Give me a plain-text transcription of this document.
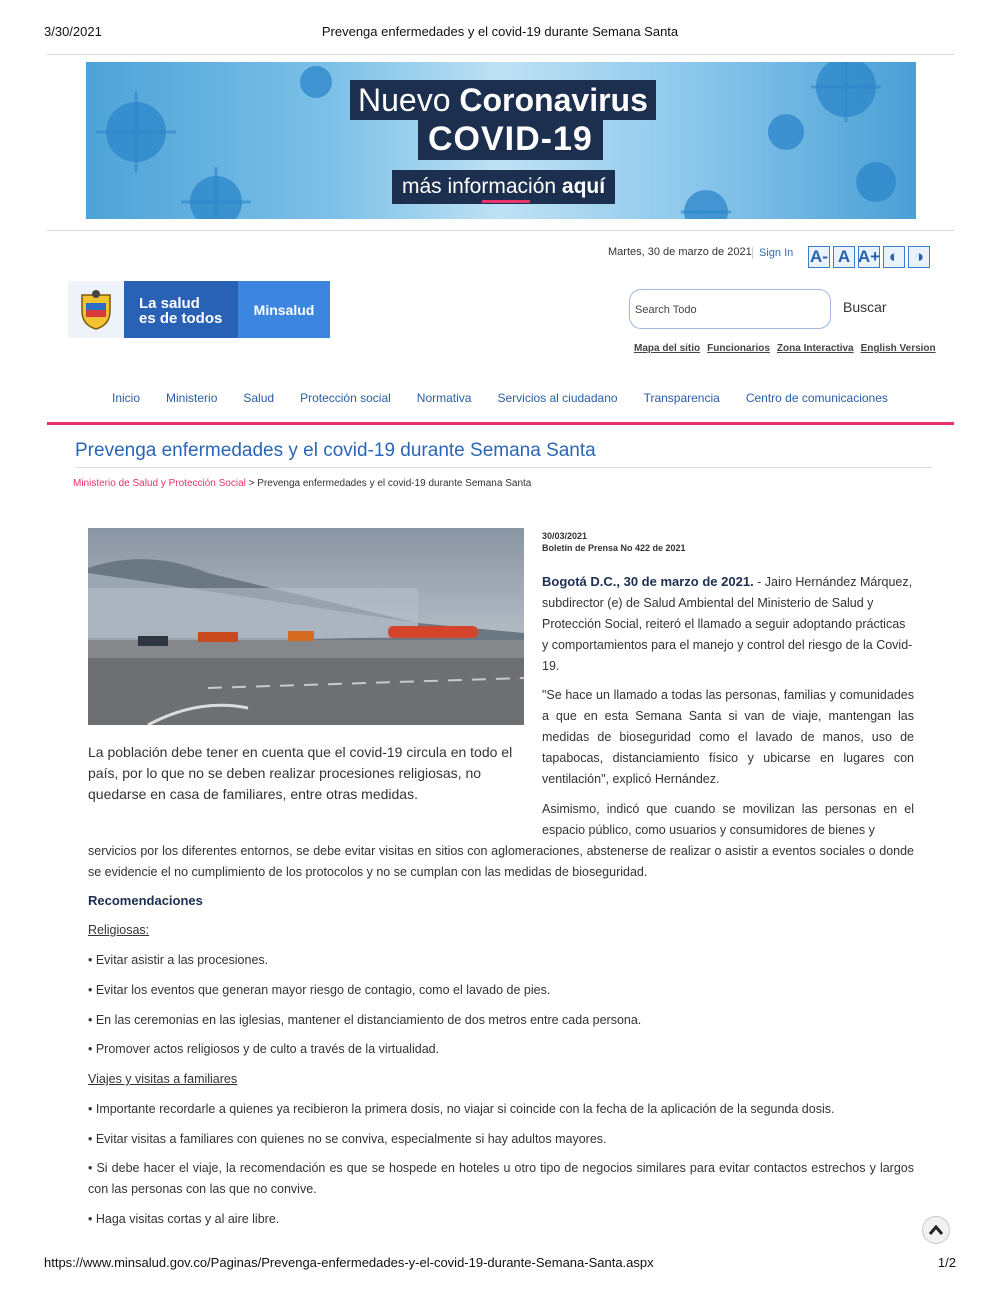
3/30/2021	Prevenga enfermedades y el covid-19 durante Semana Santa
Nuevo Coronavirus
COVID-19
más información aquí
Martes, 30 de marzo de 2021 Sign In A- A A+ ◐ ◑
La salud
es de todos
Minsalud	Search Todo	Buscar
Mapa del sitio Funcionarios Zona Interactiva English Version
Inicio Ministerio Salud Protección social Normativa Servicios al ciudadano Transparencia Centro de comunicaciones
Prevenga enfermedades y el covid-19 durante Semana Santa
Ministerio de Salud y Protección Social > Prevenga enfermedades y el covid-19 durante Semana Santa
La población debe tener en cuenta que el covid-19 circula en todo el país, por lo que no se deben realizar procesiones religiosas, no quedarse en casa de familiares, entre otras medidas.
30/03/2021
Boletín de Prensa No 422 de 2021
Bogotá D.C., 30 de marzo de 2021. - Jairo Hernández Márquez, subdirector (e) de Salud Ambiental del Ministerio de Salud y Protección Social, reiteró el llamado a seguir adoptando prácticas y comportamientos para el manejo y control del riesgo de la Covid-19.
"Se hace un llamado a todas las personas, familias y comunidades a que en esta Semana Santa si van de viaje, mantengan las medidas de bioseguridad como el lavado de manos, uso de tapabocas, distanciamiento físico y ubicarse en lugares con ventilación", explicó Hernández.
Asimismo, indicó que cuando se movilizan las personas en el espacio público, como usuarios y consumidores de bienes y
servicios por los diferentes entornos, se debe evitar visitas en sitios con aglomeraciones, abstenerse de realizar o asistir a eventos sociales o donde se evidencie el no cumplimiento de los protocolos y no se cumplan con las medidas de bioseguridad.
Recomendaciones
Religiosas:
• Evitar asistir a las procesiones.
• Evitar los eventos que generan mayor riesgo de contagio, como el lavado de pies.
• En las ceremonias en las iglesias, mantener el distanciamiento de dos metros entre cada persona.
• Promover actos religiosos y de culto a través de la virtualidad.
Viajes y visitas a familiares
• Importante recordarle a quienes ya recibieron la primera dosis, no viajar si coincide con la fecha de la aplicación de la segunda dosis.
• Evitar visitas a familiares con quienes no se conviva, especialmente si hay adultos mayores.
• Si debe hacer el viaje, la recomendación es que se hospede en hoteles u otro tipo de negocios similares para evitar contactos estrechos y largos con las personas con las que no convive.
• Haga visitas cortas y al aire libre.
https://www.minsalud.gov.co/Paginas/Prevenga-enfermedades-y-el-covid-19-durante-Semana-Santa.aspx	1/2
